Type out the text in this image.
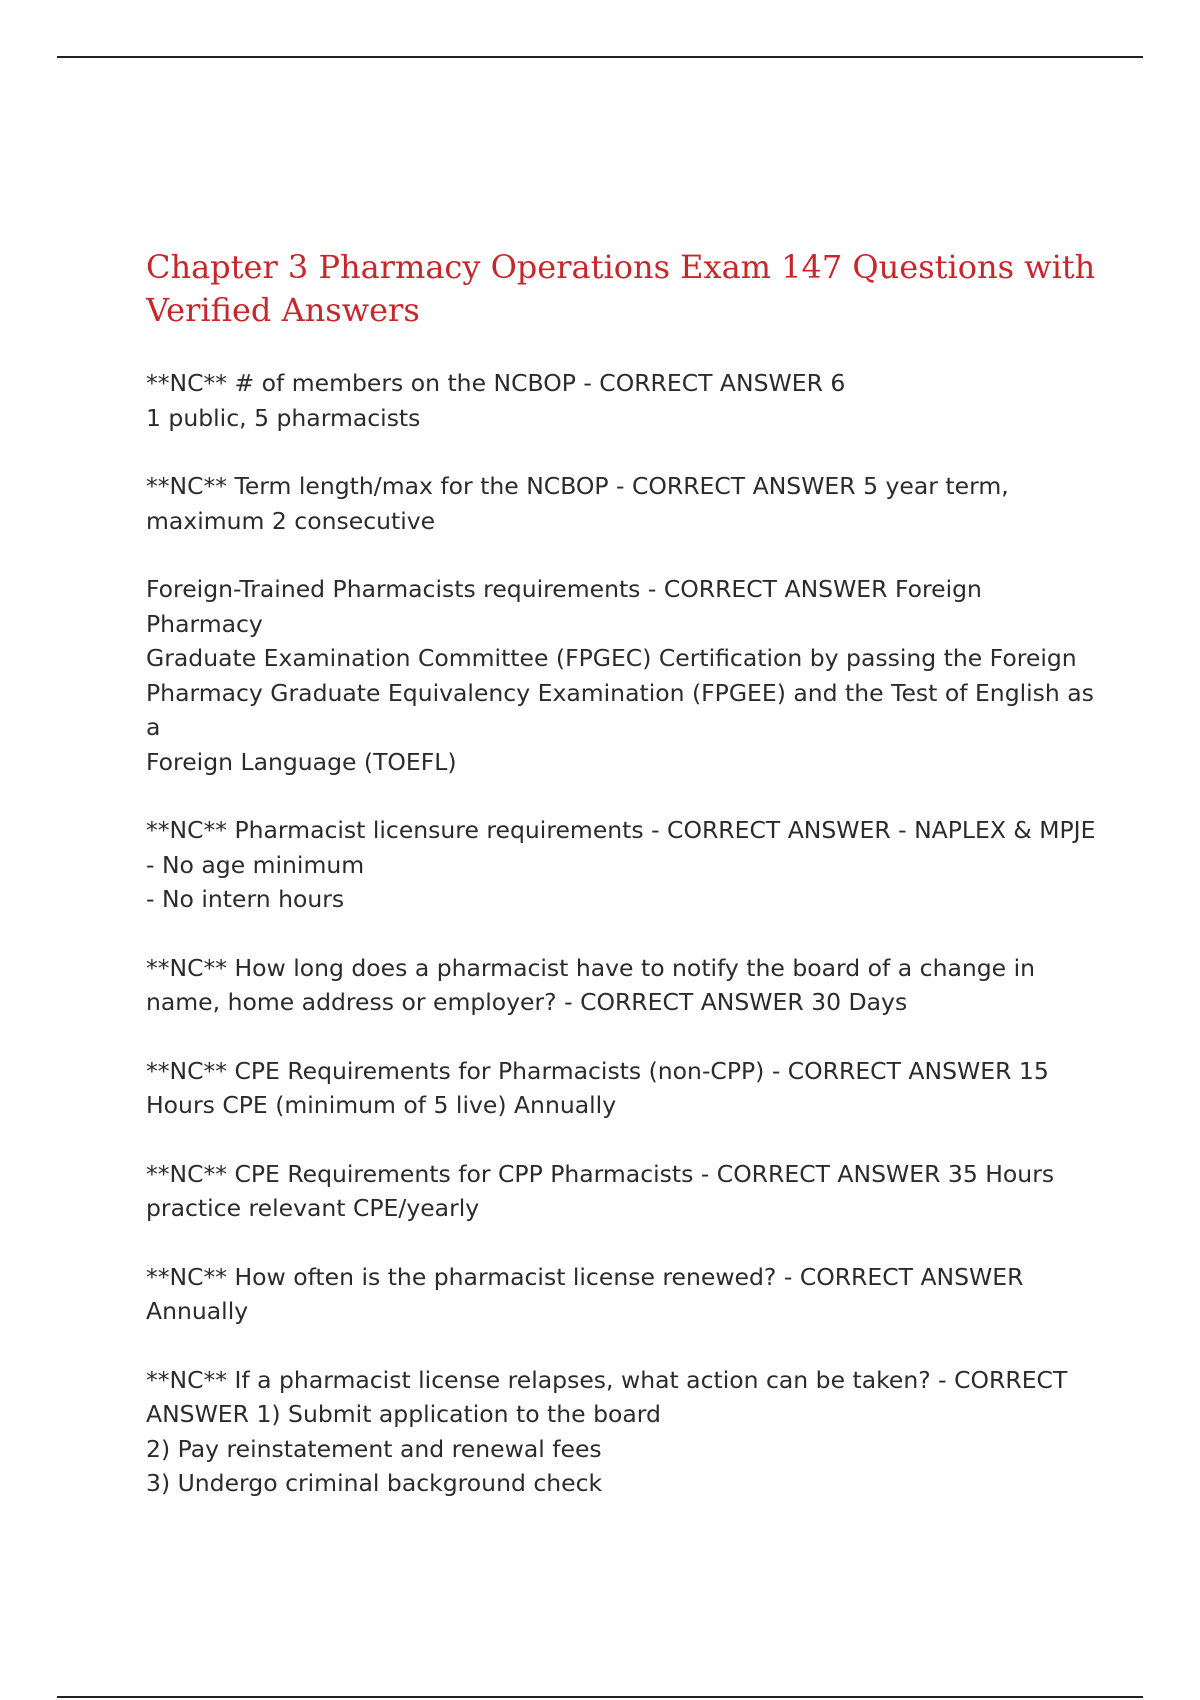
Chapter 3 Pharmacy Operations Exam 147 Questions with
Verified Answers

**NC** # of members on the NCBOP - CORRECT ANSWER 6
1 public, 5 pharmacists

**NC** Term length/max for the NCBOP - CORRECT ANSWER 5 year term,
maximum 2 consecutive

Foreign-Trained Pharmacists requirements - CORRECT ANSWER Foreign Pharmacy
Graduate Examination Committee (FPGEC) Certification by passing the Foreign
Pharmacy Graduate Equivalency Examination (FPGEE) and the Test of English as a
Foreign Language (TOEFL)

**NC** Pharmacist licensure requirements - CORRECT ANSWER - NAPLEX & MPJE
- No age minimum
- No intern hours

**NC** How long does a pharmacist have to notify the board of a change in
name, home address or employer? - CORRECT ANSWER 30 Days

**NC** CPE Requirements for Pharmacists (non-CPP) - CORRECT ANSWER 15
Hours CPE (minimum of 5 live) Annually

**NC** CPE Requirements for CPP Pharmacists - CORRECT ANSWER 35 Hours
practice relevant CPE/yearly

**NC** How often is the pharmacist license renewed? - CORRECT ANSWER
Annually

**NC** If a pharmacist license relapses, what action can be taken? - CORRECT
ANSWER 1) Submit application to the board
2) Pay reinstatement and renewal fees
3) Undergo criminal background check
